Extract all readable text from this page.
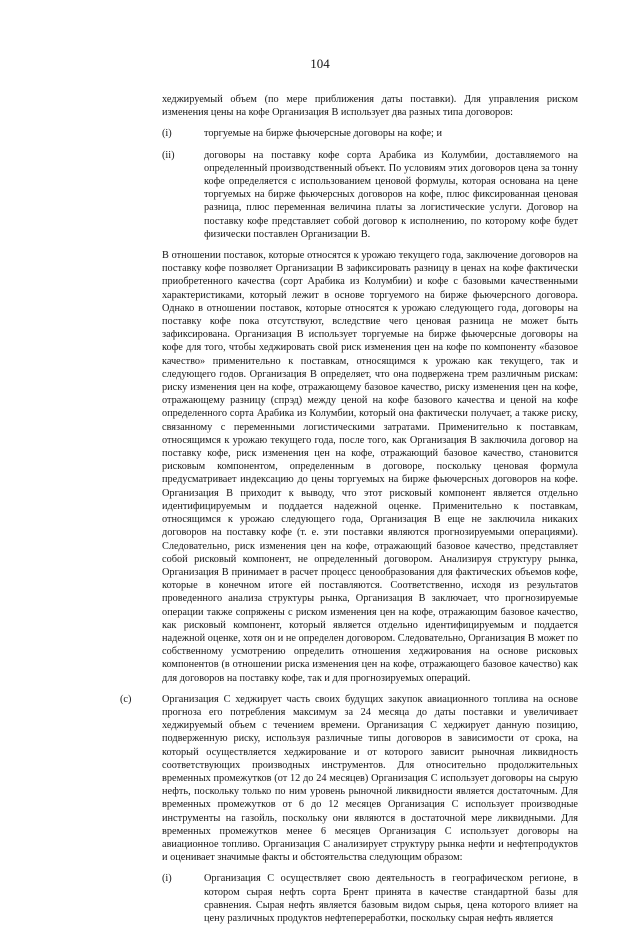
104

хеджируемый объем (по мере приближения даты поставки). Для управления риском изменения цены на кофе Организация В использует два разных типа договоров:

(i)	торгуемые на бирже фьючерсные договоры на кофе; и

(ii)	договоры на поставку кофе сорта Арабика из Колумбии, доставляемого на определенный производственный объект. По условиям этих договоров цена за тонну кофе определяется с использованием ценовой формулы, которая основана на цене торгуемых на бирже фьючерсных договоров на кофе, плюс фиксированная ценовая разница, плюс переменная величина платы за логистические услуги. Договор на поставку кофе представляет собой договор к исполнению, по которому кофе будет физически поставлен Организации В.

В отношении поставок, которые относятся к урожаю текущего года, заключение договоров на поставку кофе позволяет Организации В зафиксировать разницу в ценах на кофе фактически приобретенного качества (сорт Арабика из Колумбии) и кофе с базовыми качественными характеристиками, который лежит в основе торгуемого на бирже фьючерсного договора. Однако в отношении поставок, которые относятся к урожаю следующего года, договоры на поставку кофе пока отсутствуют, вследствие чего ценовая разница не может быть зафиксирована. Организация В использует торгуемые на бирже фьючерсные договоры на кофе для того, чтобы хеджировать свой риск изменения цен на кофе по компоненту «базовое качество» применительно к поставкам, относящимся к урожаю как текущего, так и следующего годов. Организация В определяет, что она подвержена трем различным рискам: риску изменения цен на кофе, отражающему базовое качество, риску изменения цен на кофе, отражающему разницу (спрэд) между ценой на кофе базового качества и ценой на кофе определенного сорта Арабика из Колумбии, который она фактически получает, а также риску, связанному с переменными логистическими затратами. Применительно к поставкам, относящимся к урожаю текущего года, после того, как Организация В заключила договор на поставку кофе, риск изменения цен на кофе, отражающий базовое качество, становится рисковым компонентом, определенным в договоре, поскольку ценовая формула предусматривает индексацию до цены торгуемых на бирже фьючерсных договоров на кофе. Организация В приходит к выводу, что этот рисковый компонент является отдельно идентифицируемым и поддается надежной оценке. Применительно к поставкам, относящимся к урожаю следующего года, Организация В еще не заключила никаких договоров на поставку кофе (т. е. эти поставки являются прогнозируемыми операциями). Следовательно, риск изменения цен на кофе, отражающий базовое качество, представляет собой рисковый компонент, не определенный договором. Анализируя структуру рынка, Организация В принимает в расчет процесс ценообразования для фактических объемов кофе, которые в конечном итоге ей поставляются. Соответственно, исходя из результатов проведенного анализа структуры рынка, Организация В заключает, что прогнозируемые операции также сопряжены с риском изменения цен на кофе, отражающим базовое качество, как рисковый компонент, который является отдельно идентифицируемым и поддается надежной оценке, хотя он и не определен договором. Следовательно, Организация В может по собственному усмотрению определить отношения хеджирования на основе рисковых компонентов (в отношении риска изменения цен на кофе, отражающего базовое качество) как для договоров на поставку кофе, так и для прогнозируемых операций.

(c)	Организация С хеджирует часть своих будущих закупок авиационного топлива на основе прогноза его потребления максимум за 24 месяца до даты поставки и увеличивает хеджируемый объем с течением времени. Организация С хеджирует данную позицию, подверженную риску, используя различные типы договоров в зависимости от срока, на который осуществляется хеджирование и от которого зависит рыночная ликвидность соответствующих производных инструментов. Для относительно продолжительных временных промежутков (от 12 до 24 месяцев) Организация С использует договоры на сырую нефть, поскольку только по ним уровень рыночной ликвидности является достаточным. Для временных промежутков от 6 до 12 месяцев Организация С использует производные инструменты на газойль, поскольку они являются в достаточной мере ликвидными. Для временных промежутков менее 6 месяцев Организация С использует договоры на авиационное топливо. Организация С анализирует структуру рынка нефти и нефтепродуктов и оценивает значимые факты и обстоятельства следующим образом:

(i)	Организация С осуществляет свою деятельность в географическом регионе, в котором сырая нефть сорта Брент принята в качестве стандартной базы для сравнения. Сырая нефть является базовым видом сырья, цена которого влияет на цену различных продуктов нефтепереработки, поскольку сырая нефть является
